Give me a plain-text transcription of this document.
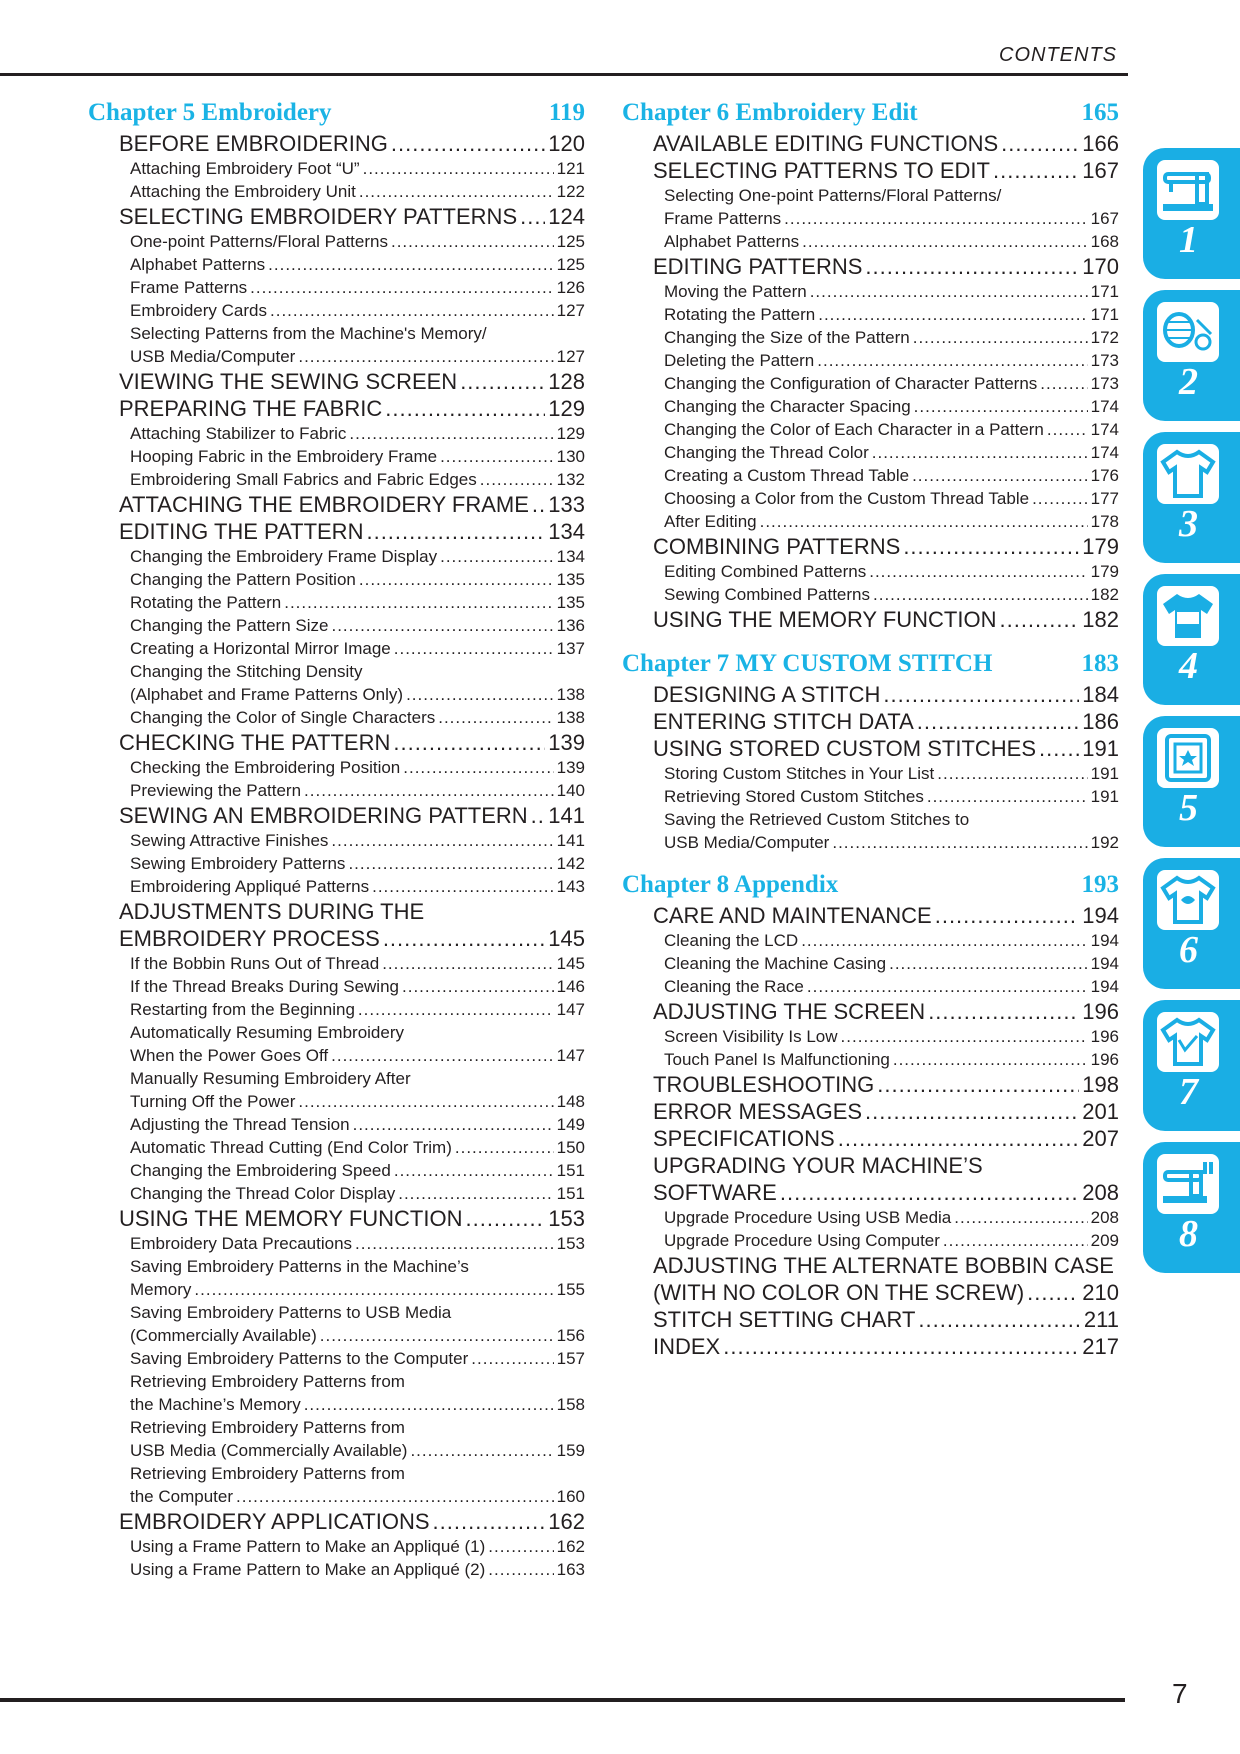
CONTENTS
Chapter 5 Embroidery	119
BEFORE EMBROIDERING .....	120
Attaching Embroidery Foot “U” .....	121
Attaching the Embroidery Unit .....	122
SELECTING EMBROIDERY PATTERNS ..... 124
One-point Patterns/Floral Patterns .....	125
Alphabet Patterns .....	125
Frame Patterns .....	126
Embroidery Cards .....	127
Selecting Patterns from the Machine's Memory/
USB Media/Computer .....	127
VIEWING THE SEWING SCREEN .....	128
PREPARING THE FABRIC .....	129
Attaching Stabilizer to Fabric .....	129
Hooping Fabric in the Embroidery Frame .....	130
Embroidering Small Fabrics and Fabric Edges .....	132
ATTACHING THE EMBROIDERY FRAME ..... 133
EDITING THE PATTERN .....	134
Changing the Embroidery Frame Display .....	134
Changing the Pattern Position .....	135
Rotating the Pattern .....	135
Changing the Pattern Size .....	136
Creating a Horizontal Mirror Image .....	137
Changing the Stitching Density
(Alphabet and Frame Patterns Only) .....	138
Changing the Color of Single Characters .....	138
CHECKING THE PATTERN .....	139
Checking the Embroidering Position .....	139
Previewing the Pattern .....	140
SEWING AN EMBROIDERING PATTERN ..... 141
Sewing Attractive Finishes .....	141
Sewing Embroidery Patterns .....	142
Embroidering Appliqué Patterns .....	143
ADJUSTMENTS DURING THE
EMBROIDERY PROCESS .....	145
If the Bobbin Runs Out of Thread .....	145
If the Thread Breaks During Sewing .....	146
Restarting from the Beginning .....	147
Automatically Resuming Embroidery
When the Power Goes Off .....	147
Manually Resuming Embroidery After
Turning Off the Power .....	148
Adjusting the Thread Tension .....	149
Automatic Thread Cutting (End Color Trim) .....	150
Changing the Embroidering Speed .....	151
Changing the Thread Color Display .....	151
USING THE MEMORY FUNCTION .....	153
Embroidery Data Precautions .....	153
Saving Embroidery Patterns in the Machine’s
Memory .....	155
Saving Embroidery Patterns to USB Media
(Commercially Available) .....	156
Saving Embroidery Patterns to the Computer .....	157
Retrieving Embroidery Patterns from
the Machine’s Memory .....	158
Retrieving Embroidery Patterns from
USB Media (Commercially Available) .....	159
Retrieving Embroidery Patterns from
the Computer .....	160
EMBROIDERY APPLICATIONS .....	162
Using a Frame Pattern to Make an Appliqué (1) .....	162
Using a Frame Pattern to Make an Appliqué (2) .....	163
Chapter 6 Embroidery Edit	165
AVAILABLE EDITING FUNCTIONS .....	166
SELECTING PATTERNS TO EDIT .....	167
Selecting One-point Patterns/Floral Patterns/
Frame Patterns .....	167
Alphabet Patterns .....	168
EDITING PATTERNS .....	170
Moving the Pattern .....	171
Rotating the Pattern .....	171
Changing the Size of the Pattern .....	172
Deleting the Pattern .....	173
Changing the Configuration of Character Patterns .....	173
Changing the Character Spacing .....	174
Changing the Color of Each Character in a Pattern .....	174
Changing the Thread Color .....	174
Creating a Custom Thread Table .....	176
Choosing a Color from the Custom Thread Table .....	177
After Editing .....	178
COMBINING PATTERNS .....	179
Editing Combined Patterns .....	179
Sewing Combined Patterns .....	182
USING THE MEMORY FUNCTION .....	182
Chapter 7 MY CUSTOM STITCH	183
DESIGNING A STITCH .....	184
ENTERING STITCH DATA .....	186
USING STORED CUSTOM STITCHES ..... 191
Storing Custom Stitches in Your List .....	191
Retrieving Stored Custom Stitches .....	191
Saving the Retrieved Custom Stitches to
USB Media/Computer .....	192
Chapter 8 Appendix	193
CARE AND MAINTENANCE .....	194
Cleaning the LCD .....	194
Cleaning the Machine Casing .....	194
Cleaning the Race .....	194
ADJUSTING THE SCREEN .....	196
Screen Visibility Is Low .....	196
Touch Panel Is Malfunctioning .....	196
TROUBLESHOOTING .....	198
ERROR MESSAGES .....	201
SPECIFICATIONS .....	207
UPGRADING YOUR MACHINE’S
SOFTWARE .....	208
Upgrade Procedure Using USB Media .....	208
Upgrade Procedure Using Computer .....	209
ADJUSTING THE ALTERNATE BOBBIN CASE
(WITH NO COLOR ON THE SCREW) .....	210
STITCH SETTING CHART .....	211
INDEX .....	217
1
2
3
4
5
6
7
8
7
